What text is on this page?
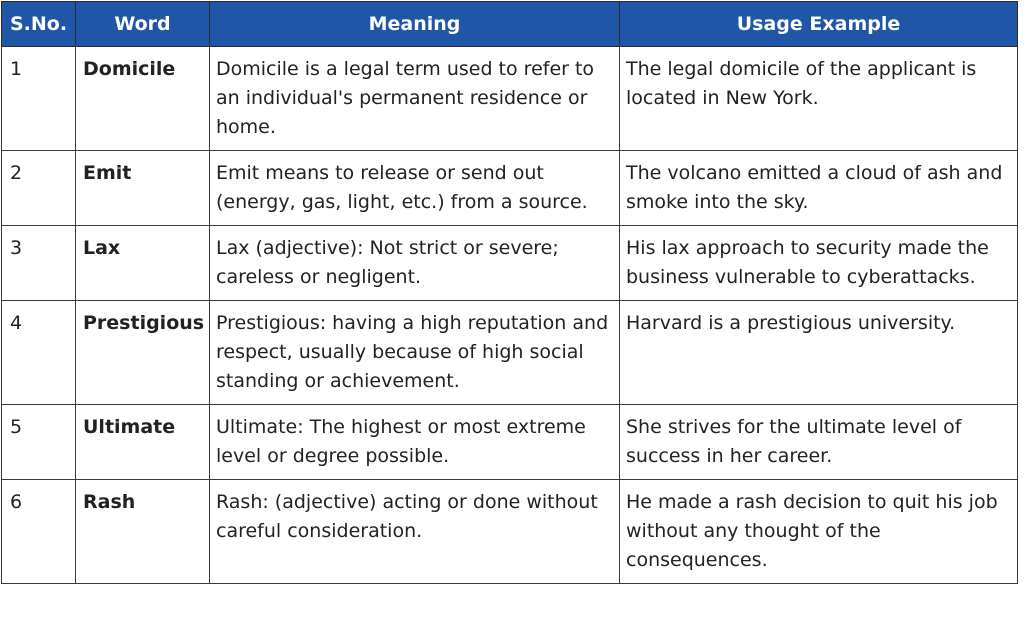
S.No.	Word	Meaning	Usage Example
1	Domicile	Domicile is a legal term used to refer to an individual's permanent residence or home.	The legal domicile of the applicant is located in New York.
2	Emit	Emit means to release or send out (energy, gas, light, etc.) from a source.	The volcano emitted a cloud of ash and smoke into the sky.
3	Lax	Lax (adjective): Not strict or severe; careless or negligent.	His lax approach to security made the business vulnerable to cyberattacks.
4	Prestigious	Prestigious: having a high reputation and respect, usually because of high social standing or achievement.	Harvard is a prestigious university.
5	Ultimate	Ultimate: The highest or most extreme level or degree possible.	She strives for the ultimate level of success in her career.
6	Rash	Rash: (adjective) acting or done without careful consideration.	He made a rash decision to quit his job without any thought of the consequences.
